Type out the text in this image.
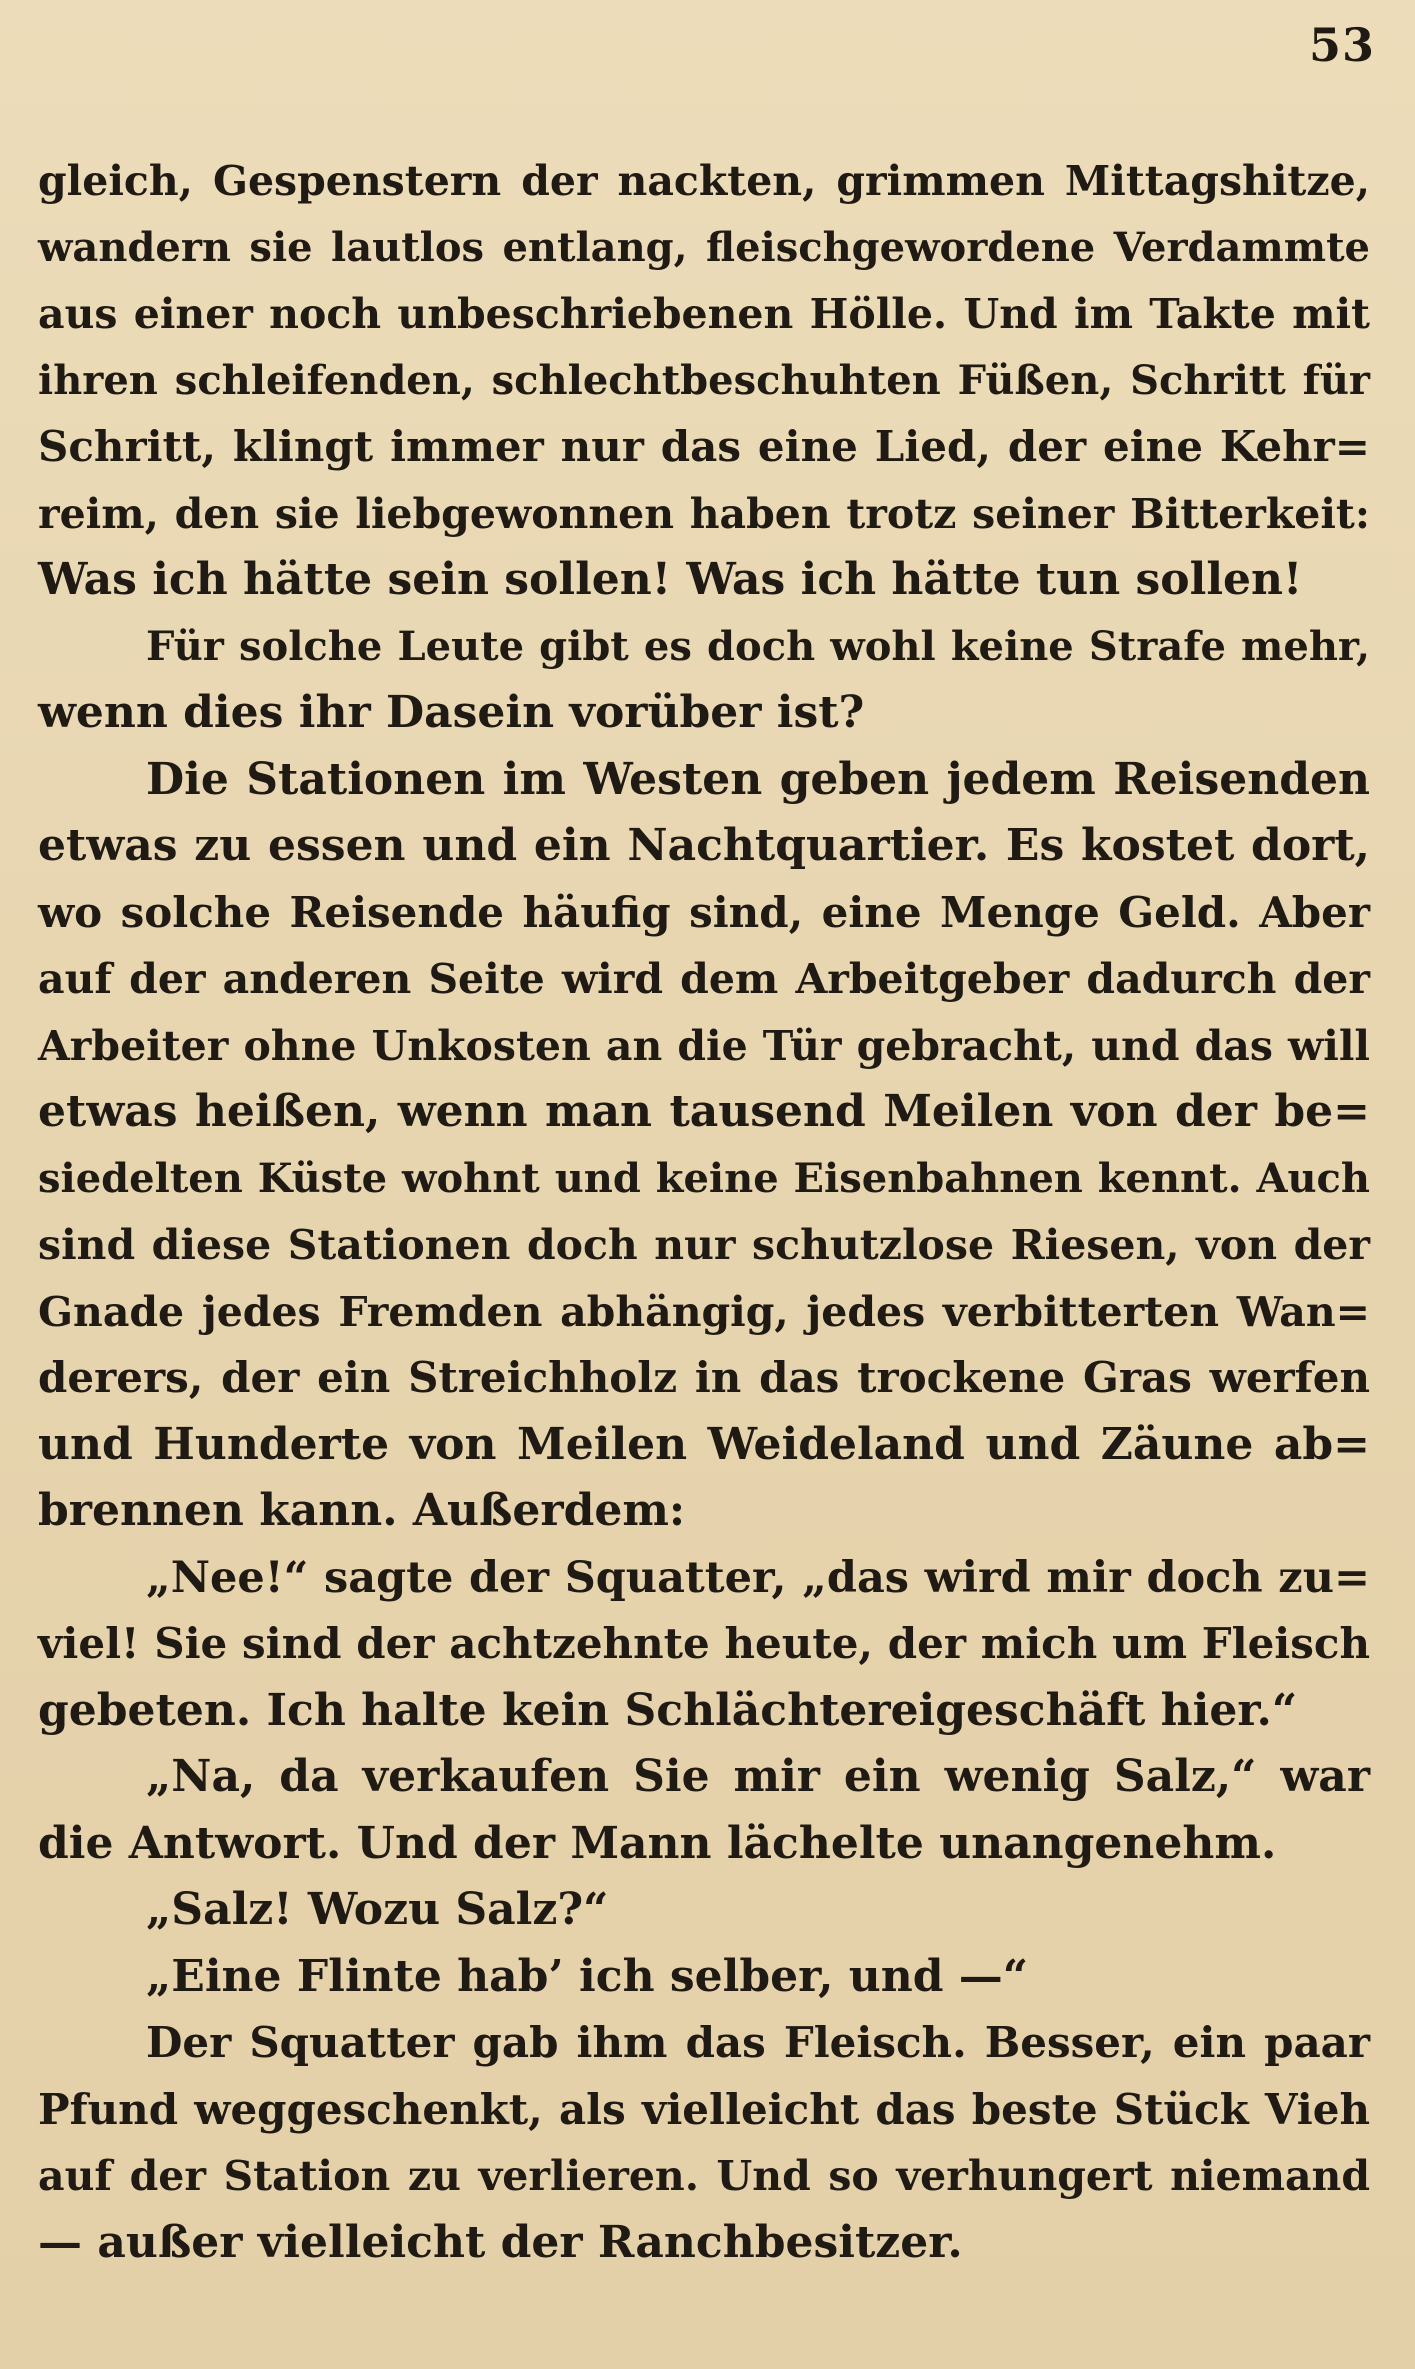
53
gleich, Gespenstern der nackten, grimmen Mittagshitze,
wandern sie lautlos entlang, fleischgewordene Verdammte
aus einer noch unbeschriebenen Hölle. Und im Takte mit
ihren schleifenden, schlechtbeschuhten Füßen, Schritt für
Schritt, klingt immer nur das eine Lied, der eine Kehr=
reim, den sie liebgewonnen haben trotz seiner Bitterkeit:
Was ich hätte sein sollen! Was ich hätte tun sollen!
Für solche Leute gibt es doch wohl keine Strafe mehr,
wenn dies ihr Dasein vorüber ist?
Die Stationen im Westen geben jedem Reisenden
etwas zu essen und ein Nachtquartier. Es kostet dort,
wo solche Reisende häufig sind, eine Menge Geld. Aber
auf der anderen Seite wird dem Arbeitgeber dadurch der
Arbeiter ohne Unkosten an die Tür gebracht, und das will
etwas heißen, wenn man tausend Meilen von der be=
siedelten Küste wohnt und keine Eisenbahnen kennt. Auch
sind diese Stationen doch nur schutzlose Riesen, von der
Gnade jedes Fremden abhängig, jedes verbitterten Wan=
derers, der ein Streichholz in das trockene Gras werfen
und Hunderte von Meilen Weideland und Zäune ab=
brennen kann. Außerdem:
„Nee!“ sagte der Squatter, „das wird mir doch zu=
viel! Sie sind der achtzehnte heute, der mich um Fleisch
gebeten. Ich halte kein Schlächtereigeschäft hier.“
„Na, da verkaufen Sie mir ein wenig Salz,“ war
die Antwort. Und der Mann lächelte unangenehm.
„Salz! Wozu Salz?“
„Eine Flinte hab’ ich selber, und —“
Der Squatter gab ihm das Fleisch. Besser, ein paar
Pfund weggeschenkt, als vielleicht das beste Stück Vieh
auf der Station zu verlieren. Und so verhungert niemand
— außer vielleicht der Ranchbesitzer.
